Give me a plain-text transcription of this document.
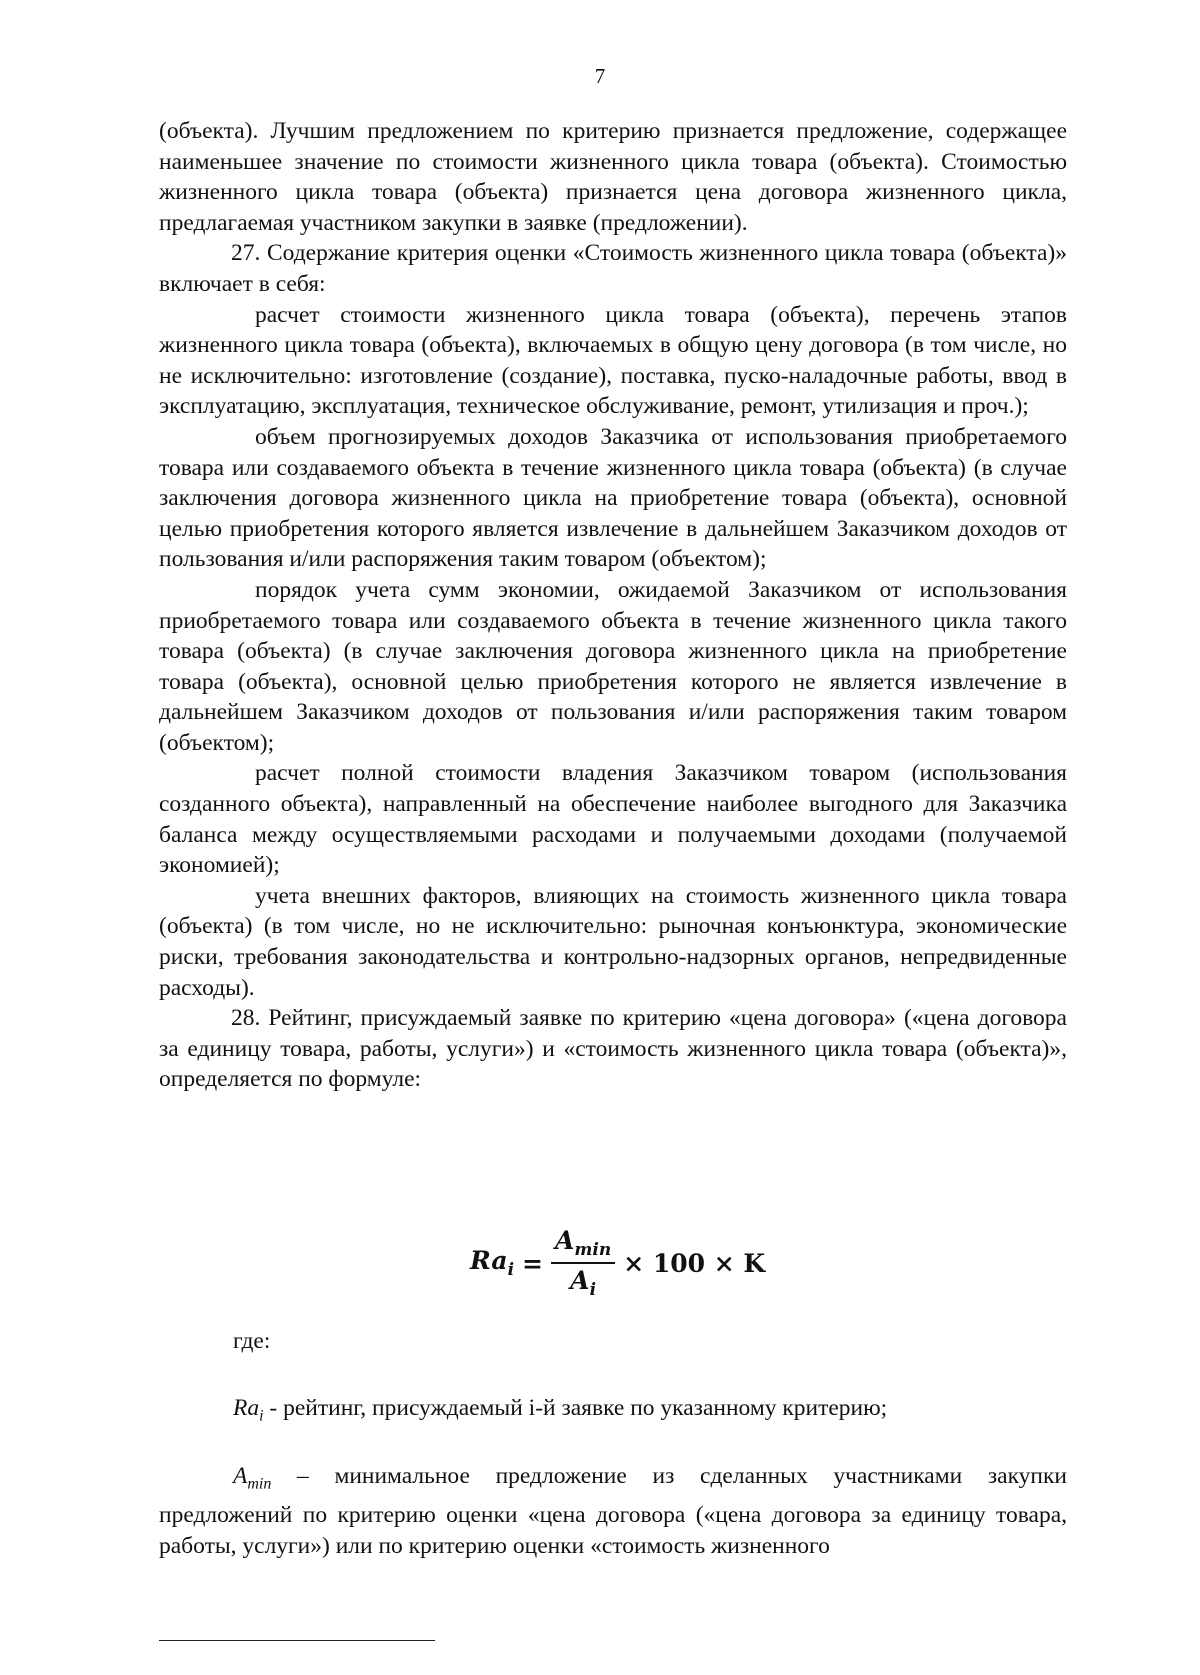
7

(объекта). Лучшим предложением по критерию признается предложение, содержащее наименьшее значение по стоимости жизненного цикла товара (объекта). Стоимостью жизненного цикла товара (объекта) признается цена договора жизненного цикла, предлагаемая участником закупки в заявке (предложении).

27. Содержание критерия оценки «Стоимость жизненного цикла товара (объекта)» включает в себя:

расчет стоимости жизненного цикла товара (объекта), перечень этапов жизненного цикла товара (объекта), включаемых в общую цену договора (в том числе, но не исключительно: изготовление (создание), поставка, пуско-наладочные работы, ввод в эксплуатацию, эксплуатация, техническое обслуживание, ремонт, утилизация и проч.);

объем прогнозируемых доходов Заказчика от использования приобретаемого товара или создаваемого объекта в течение жизненного цикла товара (объекта) (в случае заключения договора жизненного цикла на приобретение товара (объекта), основной целью приобретения которого является извлечение в дальнейшем Заказчиком доходов от пользования и/или распоряжения таким товаром (объектом);

порядок учета сумм экономии, ожидаемой Заказчиком от использования приобретаемого товара или создаваемого объекта в течение жизненного цикла такого товара (объекта) (в случае заключения договора жизненного цикла на приобретение товара (объекта), основной целью приобретения которого не является извлечение в дальнейшем Заказчиком доходов от пользования и/или распоряжения таким товаром (объектом);

расчет полной стоимости владения Заказчиком товаром (использования созданного объекта), направленный на обеспечение наиболее выгодного для Заказчика баланса между осуществляемыми расходами и получаемыми доходами (получаемой экономией);

учета внешних факторов, влияющих на стоимость жизненного цикла товара (объекта) (в том числе, но не исключительно: рыночная конъюнктура, экономические риски, требования законодательства и контрольно-надзорных органов, непредвиденные расходы).

28. Рейтинг, присуждаемый заявке по критерию «цена договора» («цена договора за единицу товара, работы, услуги») и «стоимость жизненного цикла товара (объекта)», определяется по формуле:

$Ra_i = \frac{A_{min}}{A_i} \times 100 \times K$
где:
$Ra_i$ - рейтинг, присуждаемый i-й заявке по указанному критерию;
$A_{min}$ – минимальное предложение из сделанных участниками закупки предложений по критерию оценки «цена договора («цена договора за единицу товара, работы, услуги») или по критерию оценки «стоимость жизненного
